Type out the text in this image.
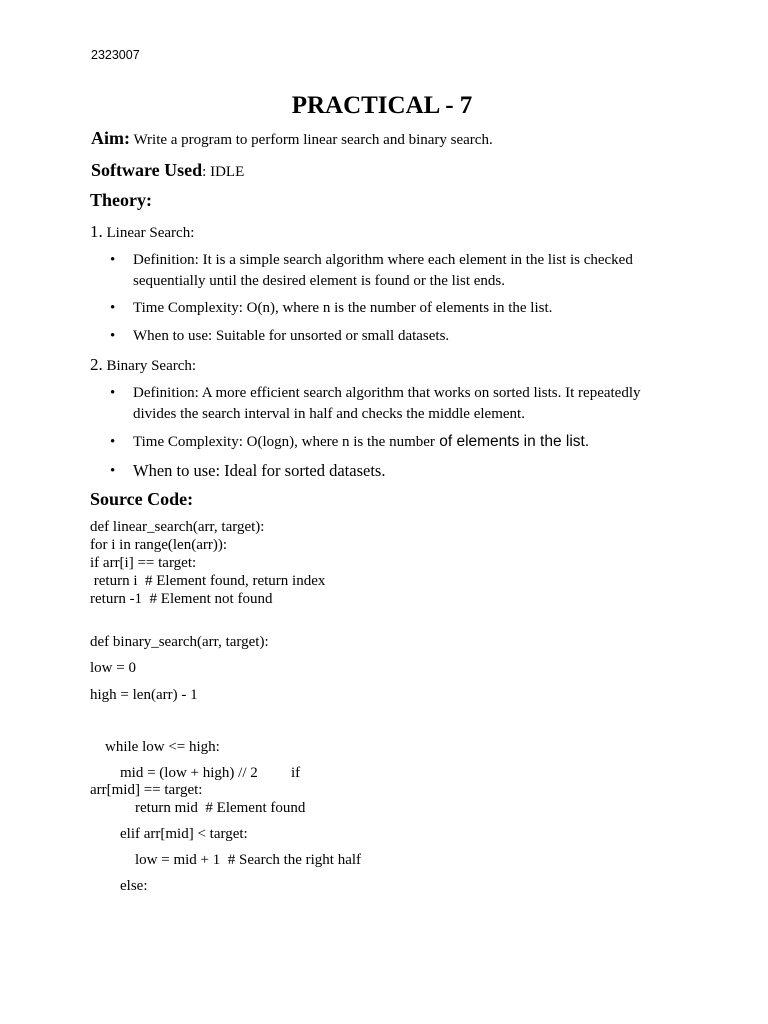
2323007
PRACTICAL - 7
Aim: Write a program to perform linear search and binary search.
Software Used: IDLE
Theory:
1. Linear Search:
• Definition: It is a simple search algorithm where each element in the list is checked sequentially until the desired element is found or the list ends.
• Time Complexity: O(n), where n is the number of elements in the list.
• When to use: Suitable for unsorted or small datasets.
2. Binary Search:
• Definition: A more efficient search algorithm that works on sorted lists. It repeatedly divides the search interval in half and checks the middle element.
• Time Complexity: O(logn), where n is the number of elements in the list.
• When to use: Ideal for sorted datasets.
Source Code:
def linear_search(arr, target):
for i in range(len(arr)):
if arr[i] == target:
return i  # Element found, return index
return -1  # Element not found
def binary_search(arr, target):
low = 0
high = len(arr) - 1
while low <= high:
mid = (low + high) // 2 if
arr[mid] == target:
return mid  # Element found
elif arr[mid] < target:
low = mid + 1  # Search the right half
else:
